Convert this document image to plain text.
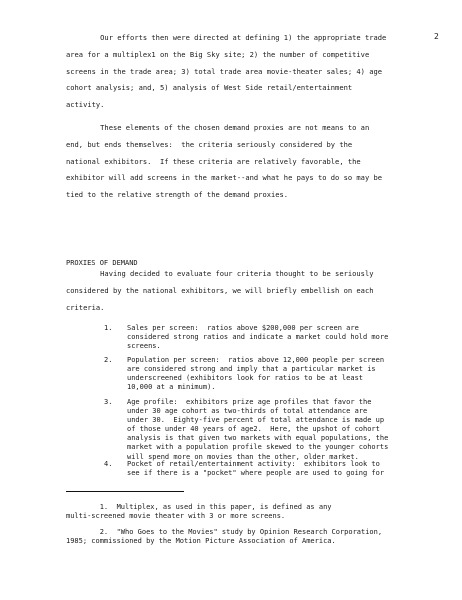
2
Our efforts then were directed at defining 1) the appropriate trade
area for a multiplex1 on the Big Sky site; 2) the number of competitive
screens in the trade area; 3) total trade area movie-theater sales; 4) age
cohort analysis; and, 5) analysis of West Side retail/entertainment
activity.
These elements of the chosen demand proxies are not means to an
end, but ends themselves:  the criteria seriously considered by the
national exhibitors.  If these criteria are relatively favorable, the
exhibitor will add screens in the market--and what he pays to do so may be
tied to the relative strength of the demand proxies.
PROXIES OF DEMAND
Having decided to evaluate four criteria thought to be seriously
considered by the national exhibitors, we will briefly embellish on each
criteria.
1. Sales per screen:  ratios above $200,000 per screen are
considered strong ratios and indicate a market could hold more
screens.
2. Population per screen:  ratios above 12,000 people per screen
are considered strong and imply that a particular market is
underscreened (exhibitors look for ratios to be at least
10,000 at a minimum).
3. Age profile:  exhibitors prize age profiles that favor the
under 30 age cohort as two-thirds of total attendance are
under 30.  Eighty-five percent of total attendance is made up
of those under 40 years of age2.  Here, the upshot of cohort
analysis is that given two markets with equal populations, the
market with a population profile skewed to the younger cohorts
will spend more on movies than the other, older market.
4. Pocket of retail/entertainment activity:  exhibitors look to
see if there is a "pocket" where people are used to going for
1.  Multiplex, as used in this paper, is defined as any
multi-screened movie theater with 3 or more screens.
2.  "Who Goes to the Movies" study by Opinion Research Corporation,
1985; commissioned by the Motion Picture Association of America.
